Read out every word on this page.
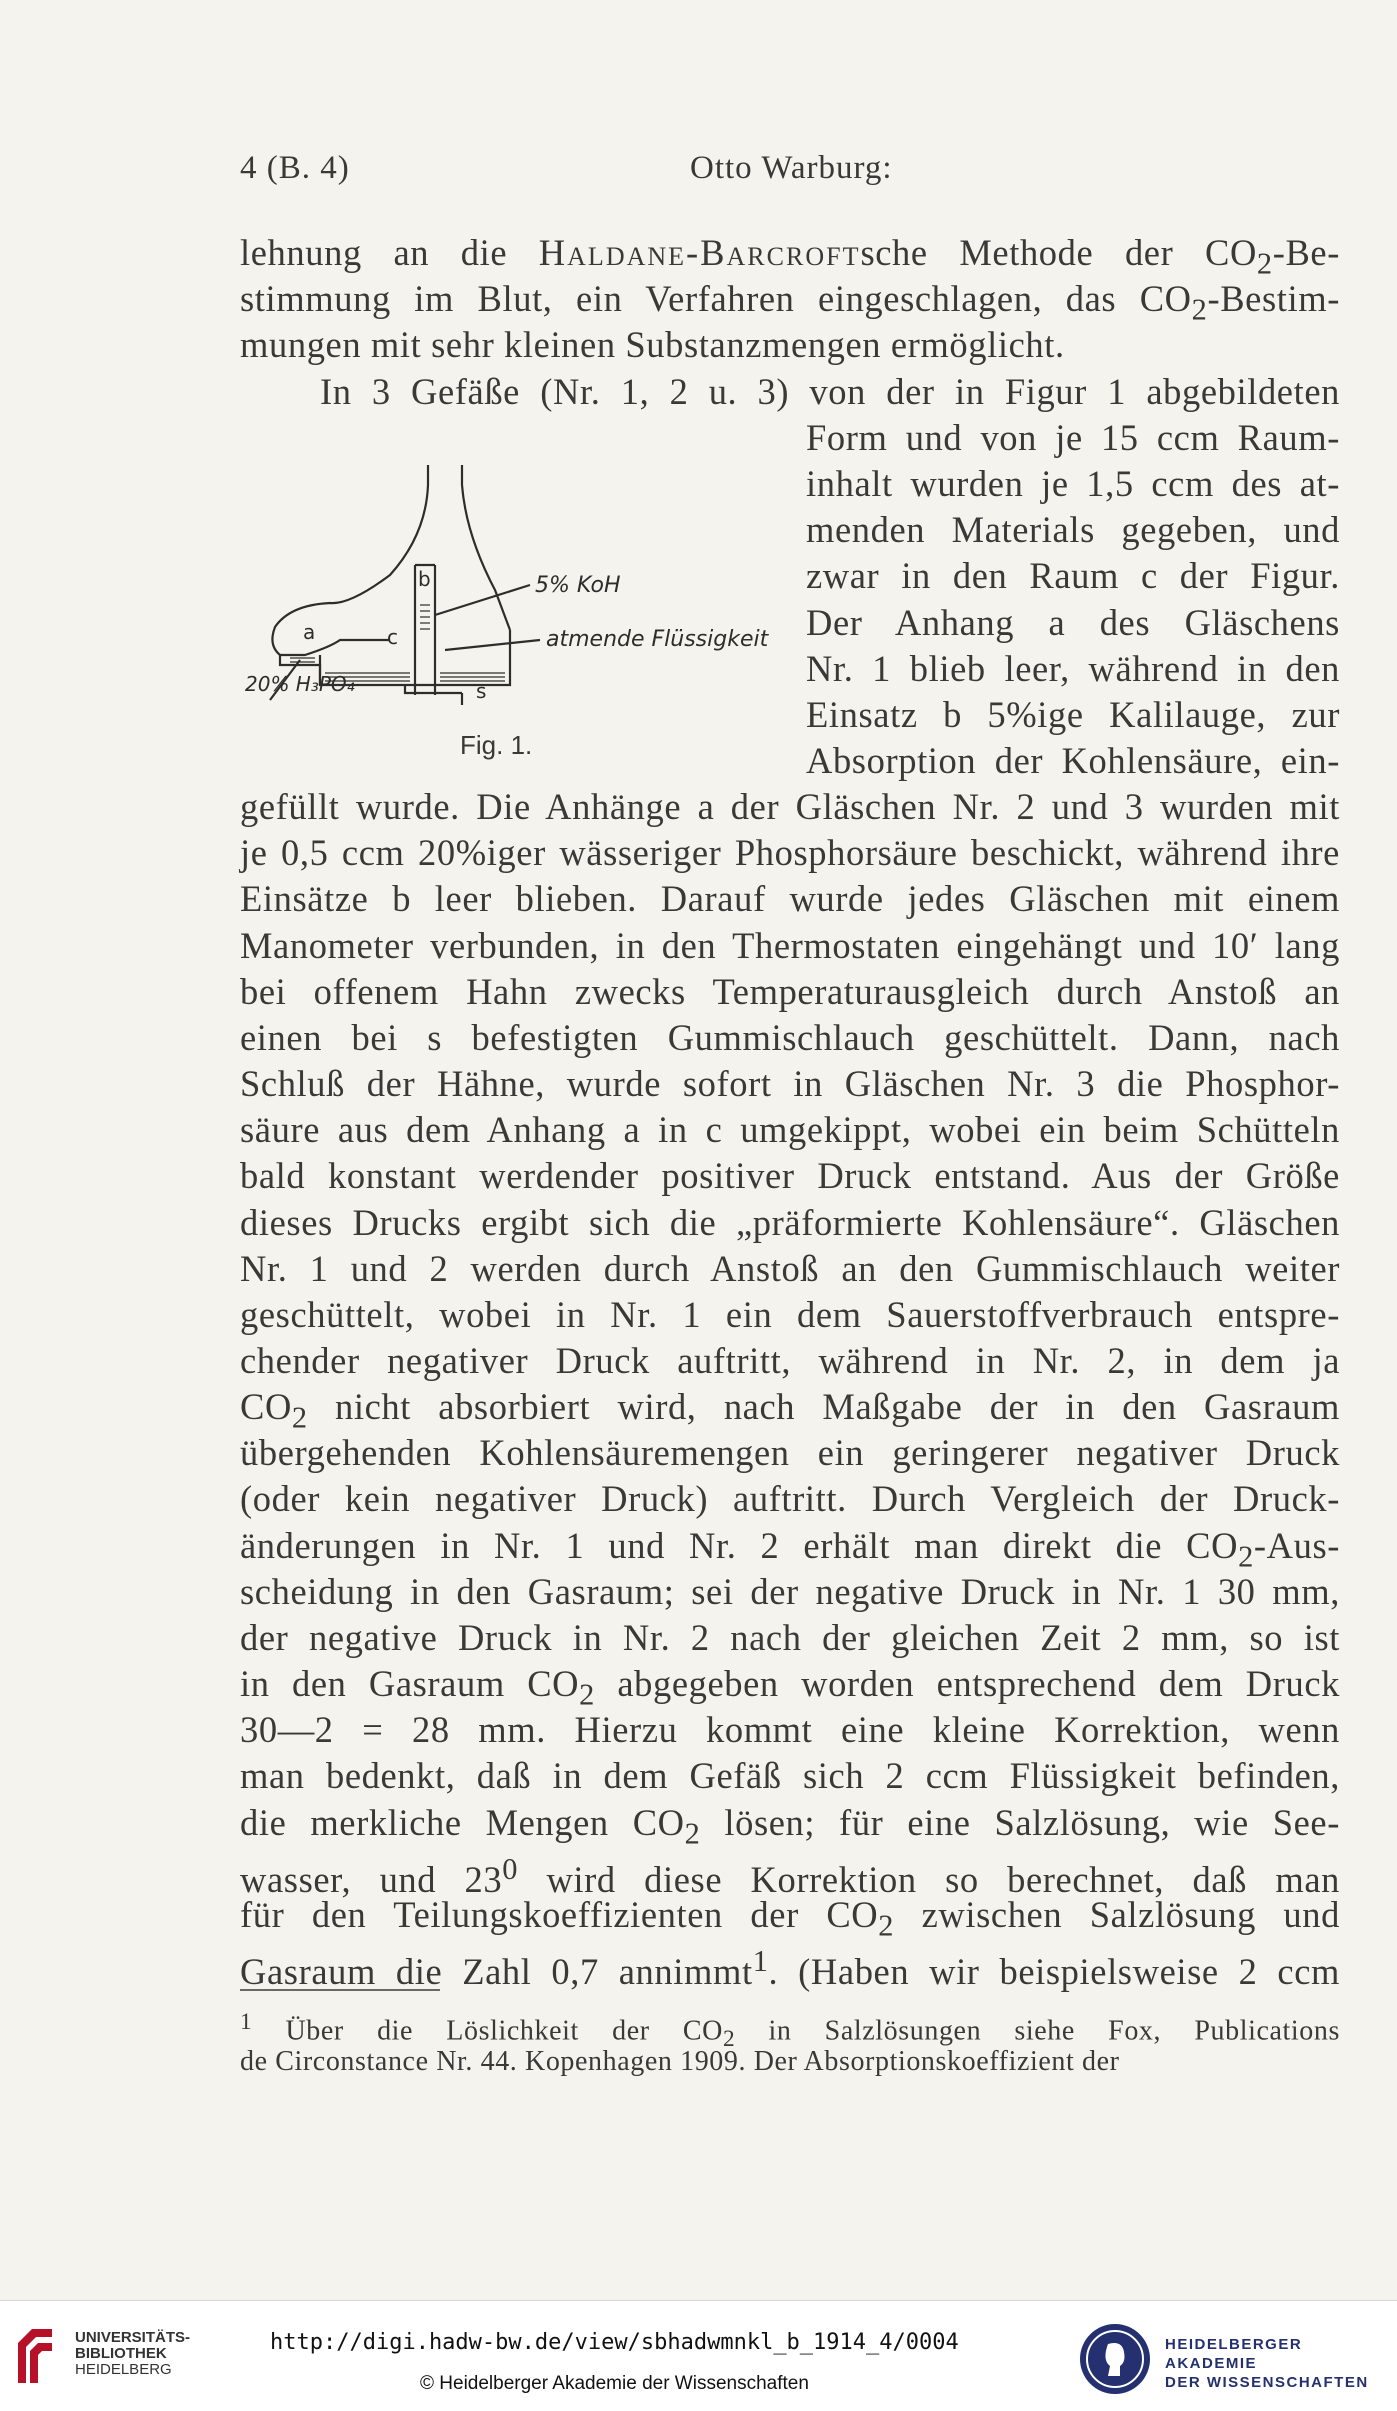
4 (B. 4)	Otto Warburg:
lehnung an die Haldane-Barcroftsche Methode der $CO_2-Be-$
stimmung im Blut, ein Verfahren eingeschlagen, das $CO_2-Bestim-$
mungen mit sehr kleinen Substanzmengen ermöglicht.
In 3 Gefäße (Nr. 1, 2 u. 3) von der in Figur 1 abgebildeten
Form und von je 15 ccm Raum-
inhalt wurden je 1,5 ccm des at-
menden Materials gegeben, und
zwar in den Raum c der Figur.
Der Anhang a des Gläschens
Nr. 1 blieb leer, während in den
Einsatz b 5%ige Kalilauge, zur
Absorption der Kohlensäure, ein-
a
b
c
s
5% KoH
atmende Flüssigkeit
20% H₃PO₄
Fig. 1.
gefüllt wurde. Die Anhänge a der Gläschen Nr. 2 und 3 wurden mit
je 0,5 ccm 20%iger wässeriger Phosphorsäure beschickt, während ihre
Einsätze b leer blieben. Darauf wurde jedes Gläschen mit einem
Manometer verbunden, in den Thermostaten eingehängt und 10′ lang
bei offenem Hahn zwecks Temperaturausgleich durch Anstoß an
einen bei s befestigten Gummischlauch geschüttelt. Dann, nach
Schluß der Hähne, wurde sofort in Gläschen Nr. 3 die Phosphor-
säure aus dem Anhang a in c umgekippt, wobei ein beim Schütteln
bald konstant werdender positiver Druck entstand. Aus der Größe
dieses Drucks ergibt sich die „präformierte Kohlensäure“. Gläschen
Nr. 1 und 2 werden durch Anstoß an den Gummischlauch weiter
geschüttelt, wobei in Nr. 1 ein dem Sauerstoffverbrauch entspre-
chender negativer Druck auftritt, während in Nr. 2, in dem ja
$CO_2$ nicht absorbiert wird, nach Maßgabe der in den Gasraum
übergehenden Kohlensäuremengen ein geringerer negativer Druck
(oder kein negativer Druck) auftritt. Durch Vergleich der Druck-
änderungen in Nr. 1 und Nr. 2 erhält man direkt die $CO_2-Aus-$
scheidung in den Gasraum; sei der negative Druck in Nr. 1 30 mm,
der negative Druck in Nr. 2 nach der gleichen Zeit 2 mm, so ist
in den Gasraum $CO_2$ abgegeben worden entsprechend dem Druck
30—2 = 28 mm. Hierzu kommt eine kleine Korrektion, wenn
man bedenkt, daß in dem Gefäß sich 2 ccm Flüssigkeit befinden,
die merkliche Mengen $CO_2$ lösen; für eine Salzlösung, wie See-
wasser, und $23^0$ wird diese Korrektion so berechnet, daß man
für den Teilungskoeffizienten der $CO_2$ zwischen Salzlösung und
Gasraum die Zahl 0,7 annimmt$^1$. (Haben wir beispielsweise 2 ccm
$^1$ Über die Löslichkeit der $CO_2$ in Salzlösungen siehe Fox, Publications
de Circonstance Nr. 44. Kopenhagen 1909. Der Absorptionskoeffizient der
UNIVERSITÄTS-
BIBLIOTHEK
HEIDELBERG
http://digi.hadw-bw.de/view/sbhadwmnkl_b_1914_4/0004
© Heidelberger Akademie der Wissenschaften
HEIDELBERGER AKADEMIE
DER WISSENSCHAFTEN
